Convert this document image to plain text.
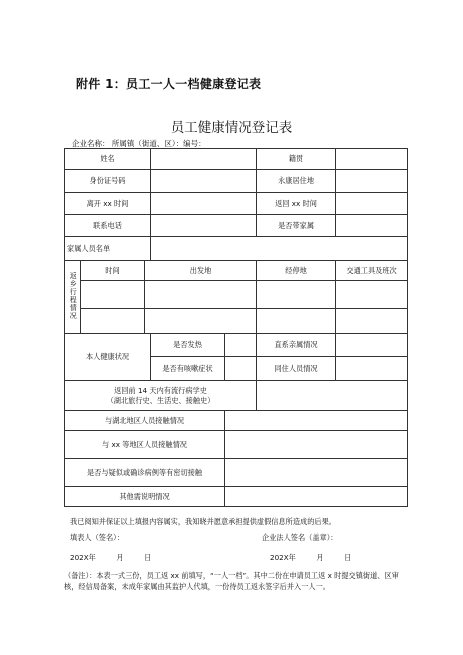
附件 1：员工一人一档健康登记表
员工健康情况登记表
企业名称： 所属镇（街道、区）：编号：
姓名					籍贯	
身份证号码					永康居住地	
离开 xx 时间					返回 xx 时间	
联系电话					是否带家属	
家属人员名单						
返乡行程情况	时间	出发地			经停地	交通工具及班次

本人健康状况			是否发热		直系亲属情况	
			是否有咳嗽症状		同住人员情况	

返回前 14 天内有流行病学史
（湖北旅行史、生活史、接触史）						

与湖北地区人员接触情况						
与 xx 等地区人员接触情况						
是否与疑似或确诊病例等有密切接触						
其他需说明情况						
我已阅知并保证以上填报内容属实，我知晓并愿意承担提供虚假信息所造成的后果。
填表人（签名）：	企业法人签名（盖章）：
202X年         月         日	202X年         月         日
（备注）：本表一式三份，员工返 xx 前填写，“一人一档”。其中二份在申请员工返 x 时提交镇街道、区审核，经信局备案，未成年家属由其监护人代填，一份待员工返永签字后并入一人一。
